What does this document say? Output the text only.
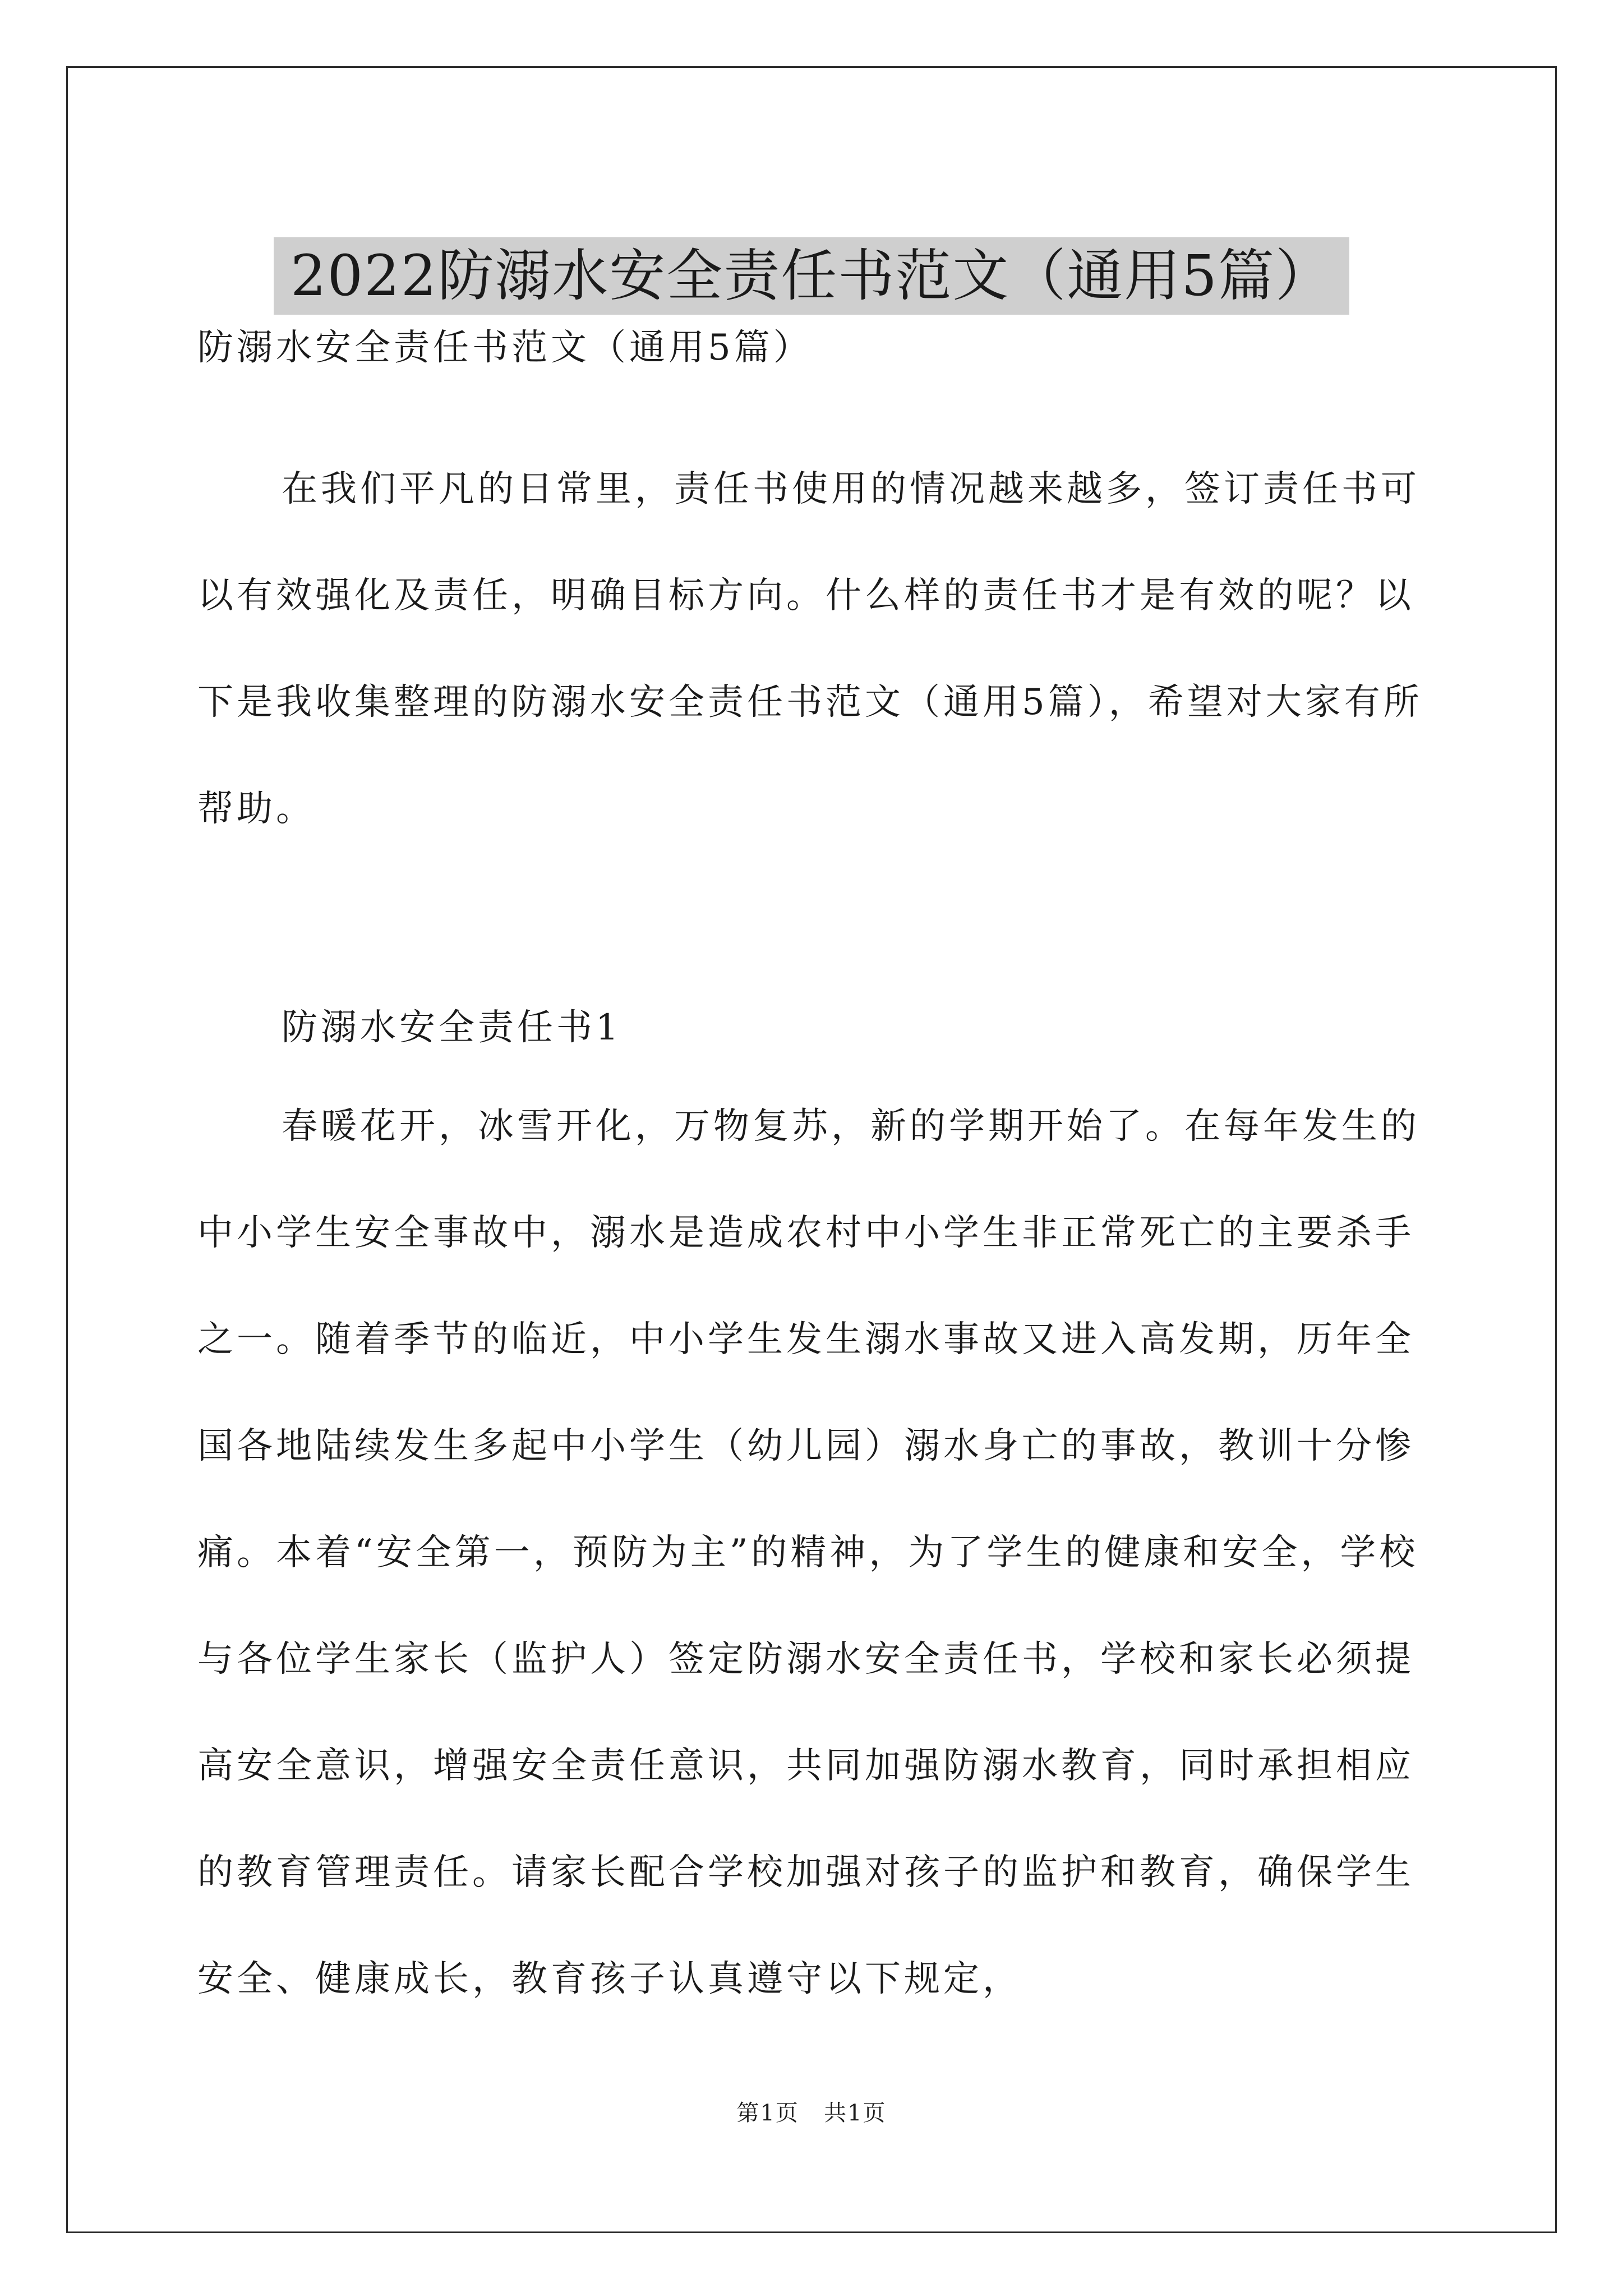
2022防溺水安全责任书范文（通用5篇）
防溺水安全责任书范文（通用5篇）

在我们平凡的日常里，责任书使用的情况越来越多，签订责任书可以有效强化及责任，明确目标方向。什么样的责任书才是有效的呢？以下是我收集整理的防溺水安全责任书范文（通用5篇），希望对大家有所帮助。

防溺水安全责任书1

春暖花开，冰雪开化，万物复苏，新的学期开始了。在每年发生的中小学生安全事故中，溺水是造成农村中小学生非正常死亡的主要杀手之一。随着季节的临近，中小学生发生溺水事故又进入高发期，历年全国各地陆续发生多起中小学生（幼儿园）溺水身亡的事故，教训十分惨痛。本着“安全第一，预防为主”的精神，为了学生的健康和安全，学校与各位学生家长（监护人）签定防溺水安全责任书，学校和家长必须提高安全意识，增强安全责任意识，共同加强防溺水教育，同时承担相应的教育管理责任。请家长配合学校加强对孩子的监护和教育，确保学生安全、健康成长，教育孩子认真遵守以下规定，

第1页   共1页
